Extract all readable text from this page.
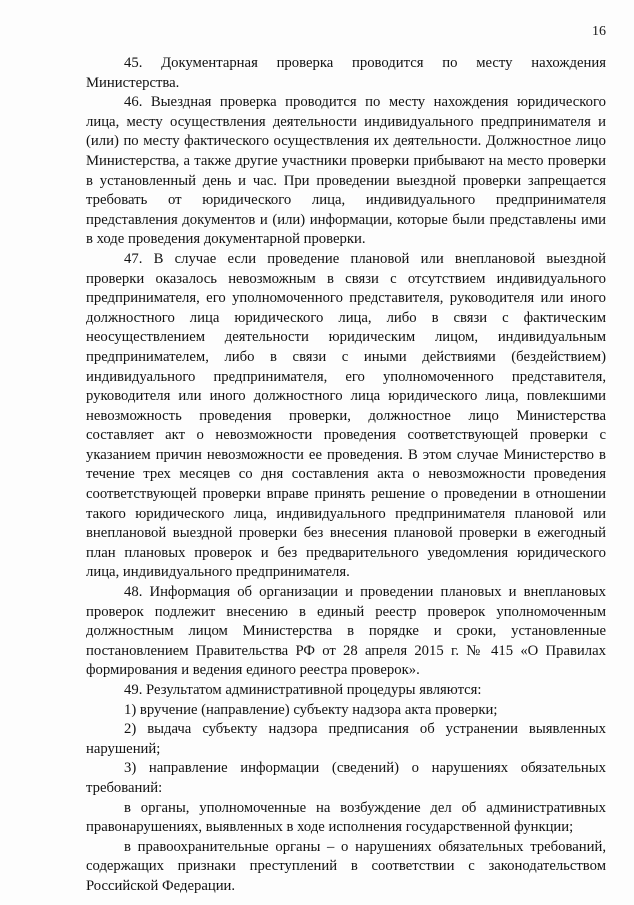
16

45. Документарная проверка проводится по месту нахождения Министерства.

46. Выездная проверка проводится по месту нахождения юридического лица, месту осуществления деятельности индивидуального предпринимателя и (или) по месту фактического осуществления их деятельности. Должностное лицо Министерства, а также другие участники проверки прибывают на место проверки в установленный день и час. При проведении выездной проверки запрещается требовать от юридического лица, индивидуального предпринимателя представления документов и (или) информации, которые были представлены ими в ходе проведения документарной проверки.

47. В случае если проведение плановой или внеплановой выездной проверки оказалось невозможным в связи с отсутствием индивидуального предпринимателя, его уполномоченного представителя, руководителя или иного должностного лица юридического лица, либо в связи с фактическим неосуществлением деятельности юридическим лицом, индивидуальным предпринимателем, либо в связи с иными действиями (бездействием) индивидуального предпринимателя, его уполномоченного представителя, руководителя или иного должностного лица юридического лица, повлекшими невозможность проведения проверки, должностное лицо Министерства составляет акт о невозможности проведения соответствующей проверки с указанием причин невозможности ее проведения. В этом случае Министерство в течение трех месяцев со дня составления акта о невозможности проведения соответствующей проверки вправе принять решение о проведении в отношении такого юридического лица, индивидуального предпринимателя плановой или внеплановой выездной проверки без внесения плановой проверки в ежегодный план плановых проверок и без предварительного уведомления юридического лица, индивидуального предпринимателя.

48. Информация об организации и проведении плановых и внеплановых проверок подлежит внесению в единый реестр проверок уполномоченным должностным лицом Министерства в порядке и сроки, установленные постановлением Правительства РФ от 28 апреля 2015 г. № 415 «О Правилах формирования и ведения единого реестра проверок».

49. Результатом административной процедуры являются:

1) вручение (направление) субъекту надзора акта проверки;

2) выдача субъекту надзора предписания об устранении выявленных нарушений;

3) направление информации (сведений) о нарушениях обязательных требований:

в органы, уполномоченные на возбуждение дел об административных правонарушениях, выявленных в ходе исполнения государственной функции;

в правоохранительные органы – о нарушениях обязательных требований, содержащих признаки преступлений в соответствии с законодательством Российской Федерации.
